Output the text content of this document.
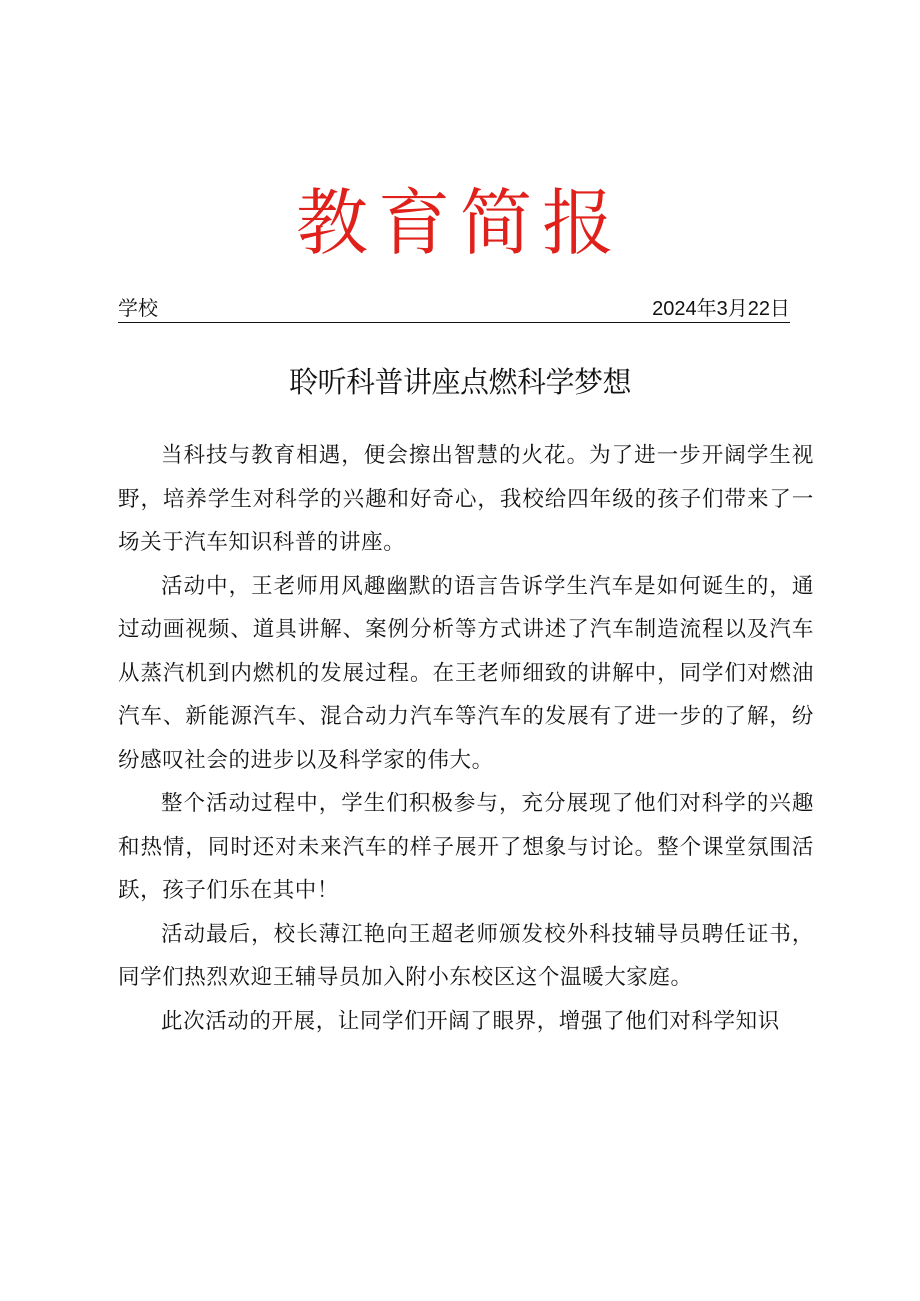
教育简报
学校	2024年3月22日
聆听科普讲座点燃科学梦想

当科技与教育相遇，便会擦出智慧的火花。为了进一步开阔学生视野，培养学生对科学的兴趣和好奇心，我校给四年级的孩子们带来了一场关于汽车知识科普的讲座。

活动中，王老师用风趣幽默的语言告诉学生汽车是如何诞生的，通过动画视频、道具讲解、案例分析等方式讲述了汽车制造流程以及汽车从蒸汽机到内燃机的发展过程。在王老师细致的讲解中，同学们对燃油汽车、新能源汽车、混合动力汽车等汽车的发展有了进一步的了解，纷纷感叹社会的进步以及科学家的伟大。

整个活动过程中，学生们积极参与，充分展现了他们对科学的兴趣和热情，同时还对未来汽车的样子展开了想象与讨论。整个课堂氛围活跃，孩子们乐在其中！

活动最后，校长薄江艳向王超老师颁发校外科技辅导员聘任证书，同学们热烈欢迎王辅导员加入附小东校区这个温暖大家庭。

此次活动的开展，让同学们开阔了眼界，增强了他们对科学知识
